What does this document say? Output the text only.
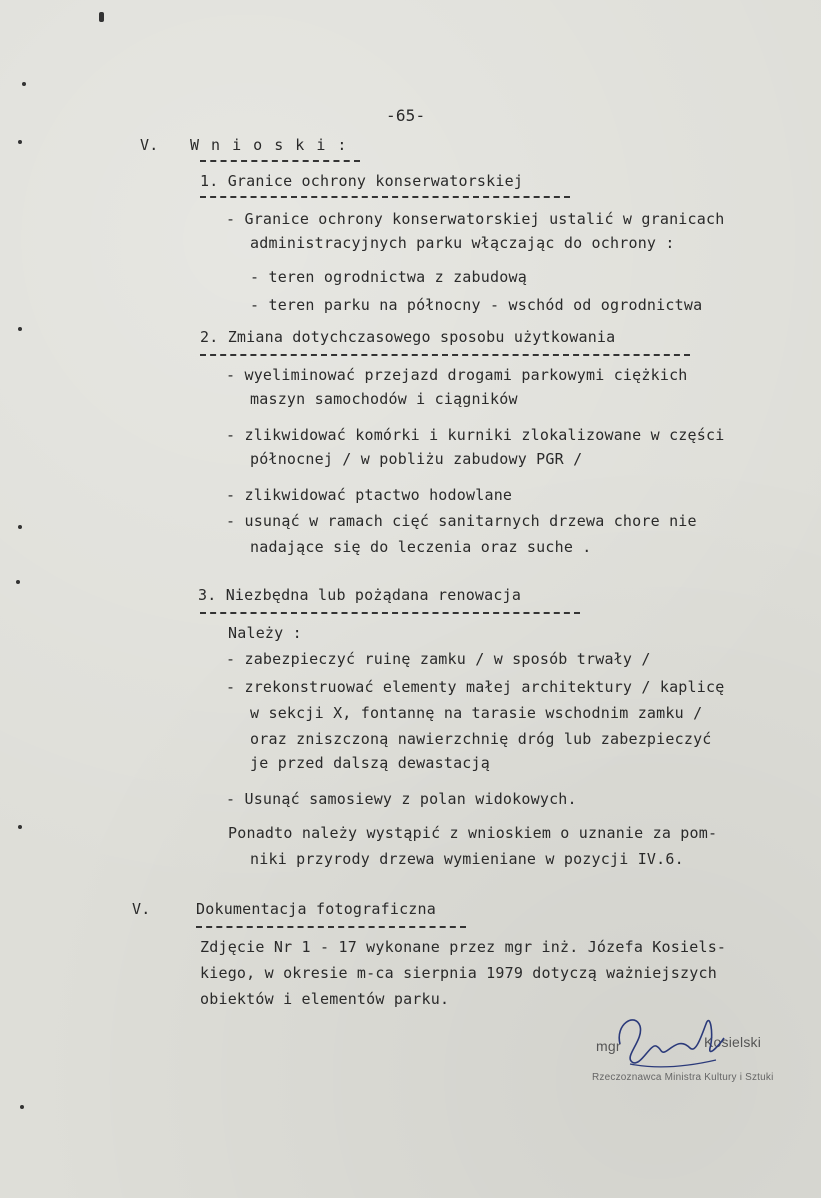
-65-
V. W n i o s k i :
1. Granice ochrony konserwatorskiej
- Granice ochrony konserwatorskiej ustalić w granicach
administracyjnych parku włączając do ochrony :
- teren ogrodnictwa z zabudową
- teren parku na północny - wschód od ogrodnictwa
2. Zmiana dotychczasowego sposobu użytkowania
- wyeliminować przejazd drogami parkowymi ciężkich
maszyn samochodów i ciągników
- zlikwidować komórki i kurniki zlokalizowane w części
północnej / w pobliżu zabudowy PGR /
- zlikwidować ptactwo hodowlane
- usunąć w ramach cięć sanitarnych drzewa chore nie
nadające się do leczenia oraz suche .
3. Niezbędna lub pożądana renowacja
Należy :
- zabezpieczyć ruinę zamku / w sposób trwały /
- zrekonstruować elementy małej architektury / kaplicę
w sekcji X, fontannę na tarasie wschodnim zamku /
oraz zniszczoną nawierzchnię dróg lub zabezpieczyć
je przed dalszą dewastacją
- Usunąć samosiewy z polan widokowych.
Ponadto należy wystąpić z wnioskiem o uznanie za pom-
niki przyrody drzewa wymieniane w pozycji IV.6.
V.	Dokumentacja fotograficzna
Zdjęcie Nr 1 - 17 wykonane przez mgr inż. Józefa Kosiels-
kiego, w okresie m-ca sierpnia 1979 dotyczą ważniejszych
obiektów i elementów parku.
mgr	Kosielski
Rzeczoznawca Ministra Kultury i Sztuki
